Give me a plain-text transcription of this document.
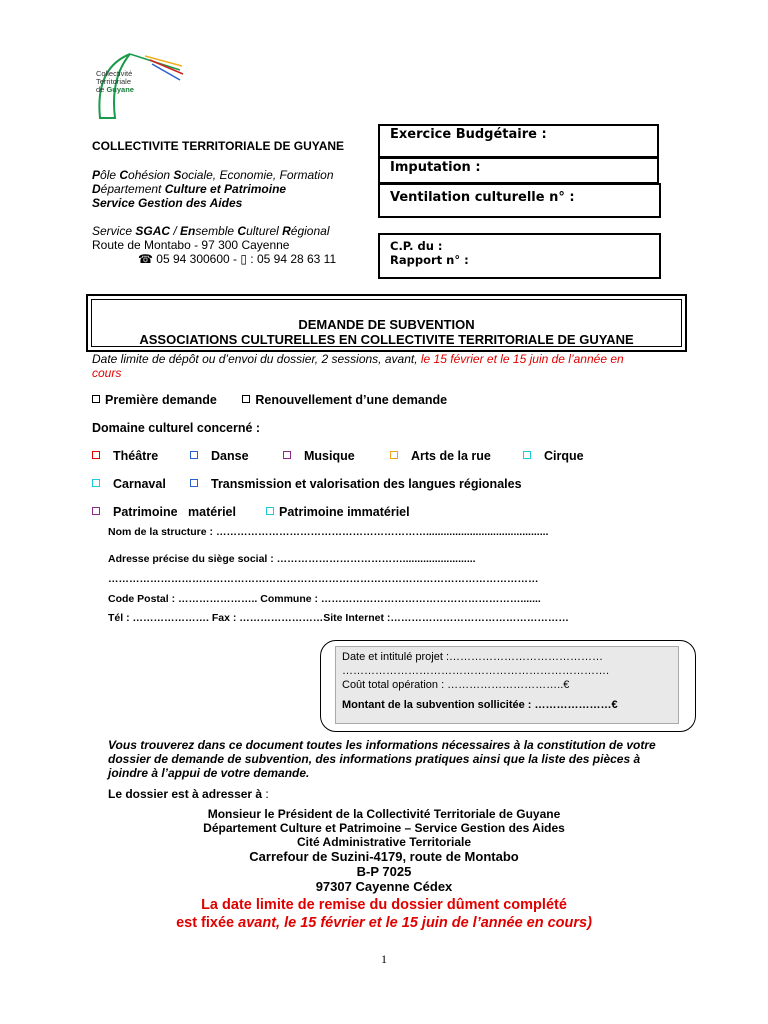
Collectivité
Territoriale
de Guyane
COLLECTIVITE TERRITORIALE DE GUYANE
Pôle Cohésion Sociale, Economie, Formation
Département Culture et Patrimoine
Service Gestion des Aides
Service SGAC / Ensemble Culturel Régional
Route de Montabo - 97 300 Cayenne
☎ 05 94 300600 - ▯ : 05 94 28 63 11
Exercice Budgétaire :
Imputation :
Ventilation culturelle n° :
C.P. du :
Rapport n° :
DEMANDE DE SUBVENTION
ASSOCIATIONS CULTURELLES EN COLLECTIVITE TERRITORIALE DE GUYANE
Date limite de dépôt ou d’envoi du dossier, 2 sessions, avant, le 15 février et le 15 juin de l’année en
cours
Première demande	Renouvellement d’une demande
Domaine culturel concerné :
Théâtre	Danse	Musique	Arts de la rue	Cirque
Carnaval	Transmission et valorisation des langues régionales
Patrimoine   matériel	Patrimoine immatériel
Nom de la structure : ……………………………………………………..........................................
Adresse précise du siège social : ……………………………….........................
……………………………………………………………………………………………………………
Code Postal : ………………….. Commune : ………………………………………………….......
Tél : …………………. Fax : ……………………Site Internet :……………………………………………
Date et intitulé projet :……………………………………
……………………………………………………………….
Coût total opération : …………………………..€
Montant de la subvention sollicitée : …………………€
Vous trouverez dans ce document toutes les informations nécessaires à la constitution de votre dossier de demande de subvention, des informations pratiques ainsi que la liste des pièces à joindre à l’appui de votre demande.
Le dossier est à adresser à :
Monsieur le Président de la Collectivité Territoriale de Guyane
Département Culture et Patrimoine – Service Gestion des Aides
Cité Administrative Territoriale
Carrefour de Suzini-4179, route de Montabo
B-P 7025
97307 Cayenne Cédex
La date limite de remise du dossier dûment complété
est fixée avant, le 15 février et le 15 juin de l’année en cours)
1
